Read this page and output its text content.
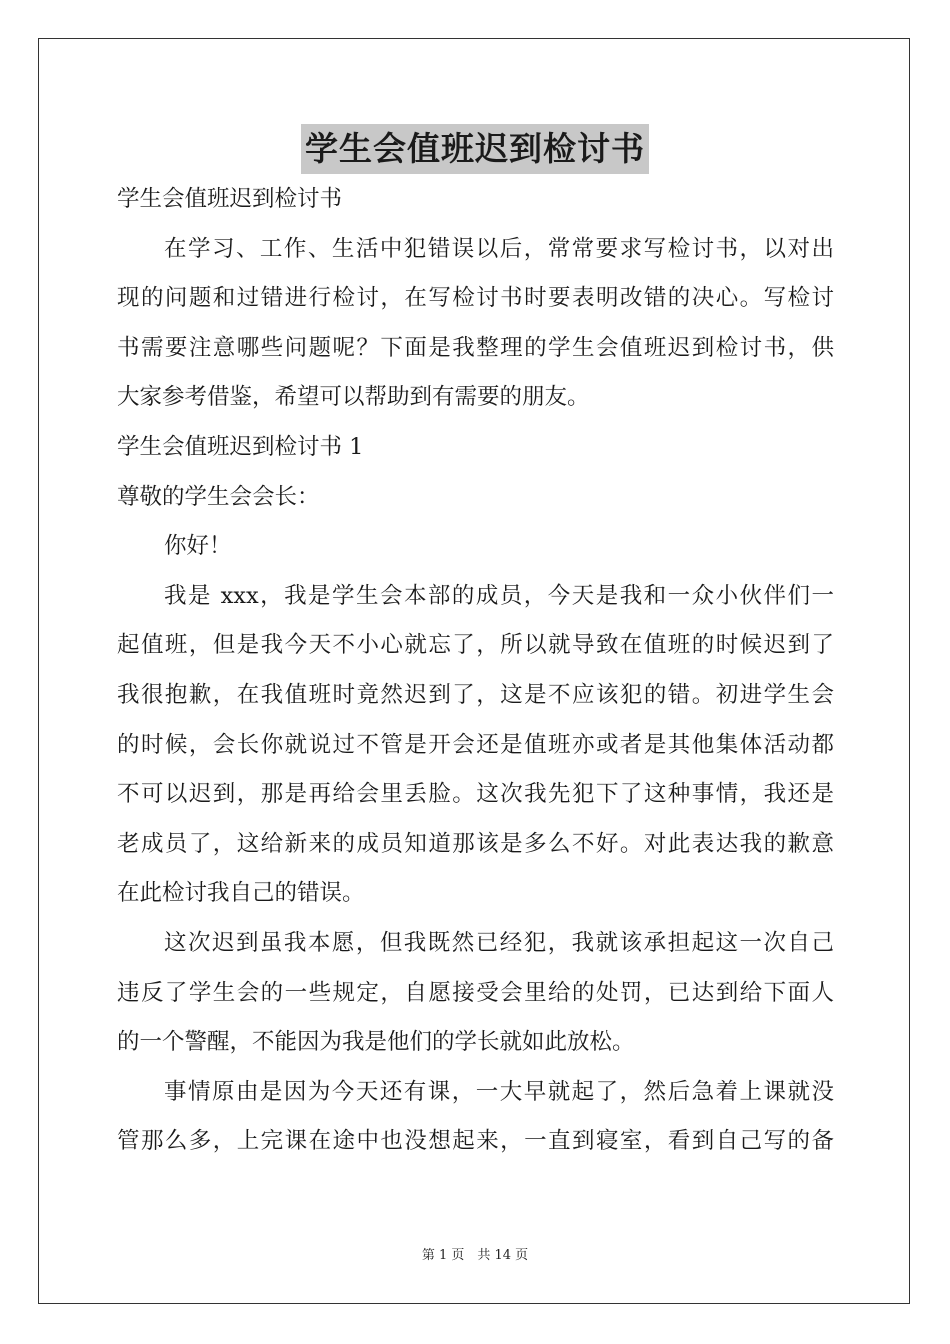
学生会值班迟到检讨书
学生会值班迟到检讨书
在学习、工作、生活中犯错误以后，常常要求写检讨书，以对出
现的问题和过错进行检讨，在写检讨书时要表明改错的决心。写检讨
书需要注意哪些问题呢？下面是我整理的学生会值班迟到检讨书，供
大家参考借鉴，希望可以帮助到有需要的朋友。
学生会值班迟到检讨书 1
尊敬的学生会会长：
你好！
我是 xxx，我是学生会本部的成员，今天是我和一众小伙伴们一
起值班，但是我今天不小心就忘了，所以就导致在值班的时候迟到了
我很抱歉，在我值班时竟然迟到了，这是不应该犯的错。初进学生会
的时候，会长你就说过不管是开会还是值班亦或者是其他集体活动都
不可以迟到，那是再给会里丢脸。这次我先犯下了这种事情，我还是
老成员了，这给新来的成员知道那该是多么不好。对此表达我的歉意
在此检讨我自己的错误。
这次迟到虽我本愿，但我既然已经犯，我就该承担起这一次自己
违反了学生会的一些规定，自愿接受会里给的处罚，已达到给下面人
的一个警醒，不能因为我是他们的学长就如此放松。
事情原由是因为今天还有课，一大早就起了，然后急着上课就没
管那么多，上完课在途中也没想起来，一直到寝室，看到自己写的备
第 1 页　共 14 页
